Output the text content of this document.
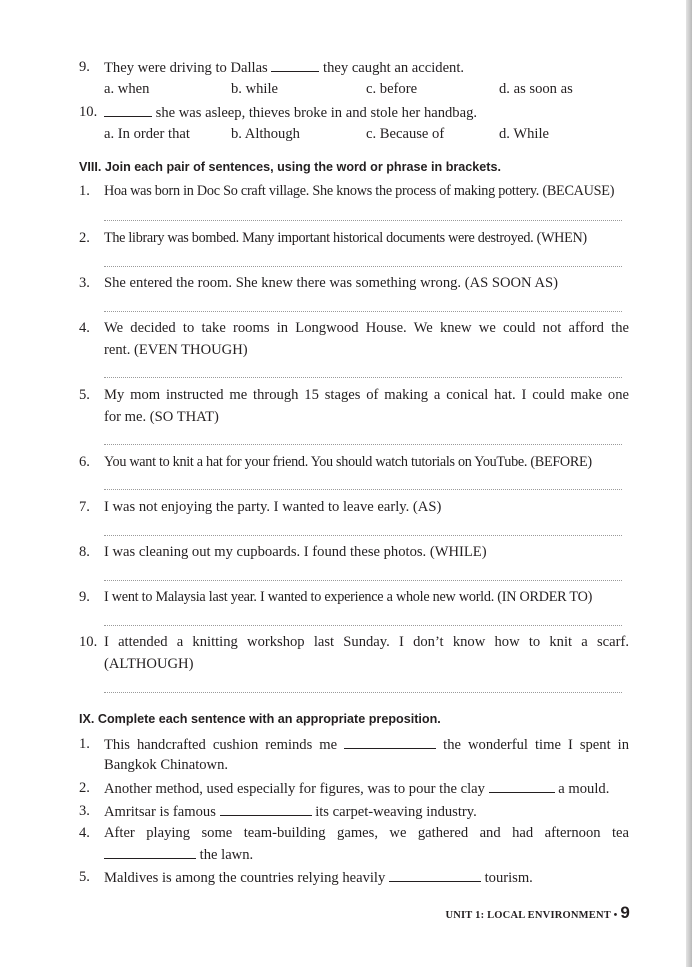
9. They were driving to Dallas	they caught an accident.
a. when	b. while	c. before	d. as soon as
10.	she was asleep, thieves broke in and stole her handbag.
a. In order that	b. Although	c. Because of	d. While
VIII. Join each pair of sentences, using the word or phrase in brackets.
1. Hoa was born in Doc So craft village. She knows the process of making pottery. (BECAUSE)
2. The library was bombed. Many important historical documents were destroyed. (WHEN)
3. She entered the room. She knew there was something wrong. (AS SOON AS)
4. We decided to take rooms in Longwood House. We knew we could not afford the
rent. (EVEN THOUGH)
5. My mom instructed me through 15 stages of making a conical hat. I could make one
for me. (SO THAT)
6. You want to knit a hat for your friend. You should watch tutorials on YouTube. (BEFORE)
7. I was not enjoying the party. I wanted to leave early. (AS)
8. I was cleaning out my cupboards. I found these photos. (WHILE)
9. I went to Malaysia last year. I wanted to experience a whole new world. (IN ORDER TO)
10. I attended a knitting workshop last Sunday. I don’t know how to knit a scarf.
(ALTHOUGH)
IX. Complete each sentence with an appropriate preposition.
1. This handcrafted cushion reminds me	the wonderful time I spent in
Bangkok Chinatown.
2. Another method, used especially for figures, was to pour the clay	a mould.
3. Amritsar is famous	its carpet-weaving industry.
4. After playing some team-building games, we gathered and had afternoon tea
the lawn.
5. Maldives is among the countries relying heavily	tourism.
UNIT 1: LOCAL ENVIRONMENT • 9
